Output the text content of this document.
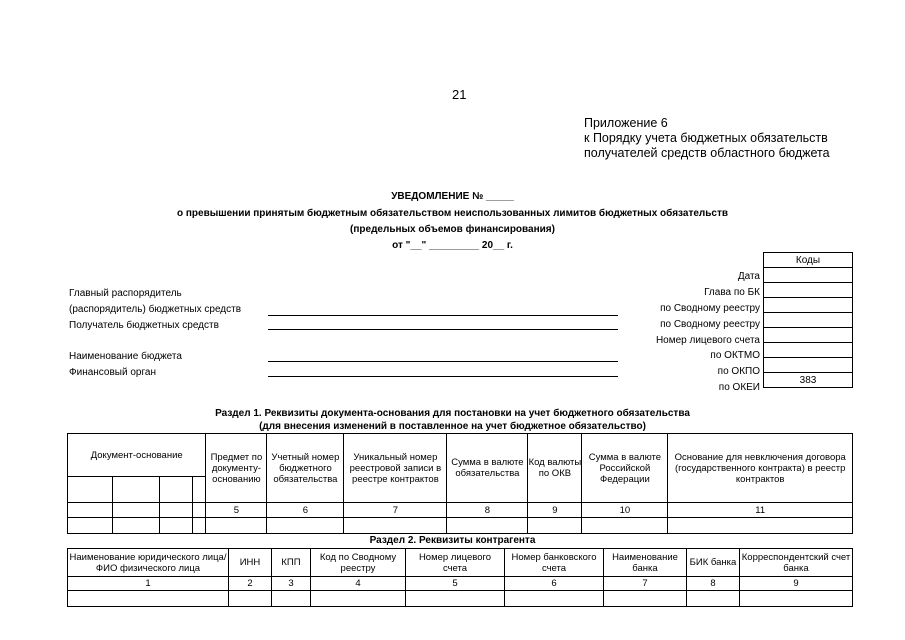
21
Приложение 6
к Порядку учета бюджетных обязательств
получателей средств областного бюджета
УВЕДОМЛЕНИЕ № _____
о превышении принятым бюджетным обязательством неиспользованных лимитов бюджетных обязательств
(предельных объемов финансирования)
от "__" _________ 20__ г.
Главный распорядитель
(распорядитель) бюджетных средств
Получатель бюджетных средств
Наименование бюджета
Финансовый орган
Дата
Глава по БК
по Сводному реестру
по Сводному реестру
Номер лицевого счета
по ОКТМО
по ОКПО
по ОКЕИ
Коды

383
Раздел 1. Реквизиты документа-основания для постановки на учет бюджетного обязательства
(для внесения изменений в поставленное на учет бюджетное обязательство)
Документ-основание				Предмет по документу-основанию	Учетный номер бюджетного обязательства	Уникальный номер реестровой записи в реестре контрактов	Сумма в валюте обязательства	Код валюты по ОКВ	Сумма в валюте Российской Федерации	Основание для невключения договора (государственного контракта) в реестр контрактов

				5	6	7	8	9	10	11

Раздел 2. Реквизиты контрагента
Наименование юридического лица/ ФИО физического лица	ИНН	КПП	Код по Сводному реестру	Номер лицевого счета	Номер банковского счета	Наименование банка	БИК банка	Корреспондентский счет банка
1	2	3	4	5	6	7	8	9
